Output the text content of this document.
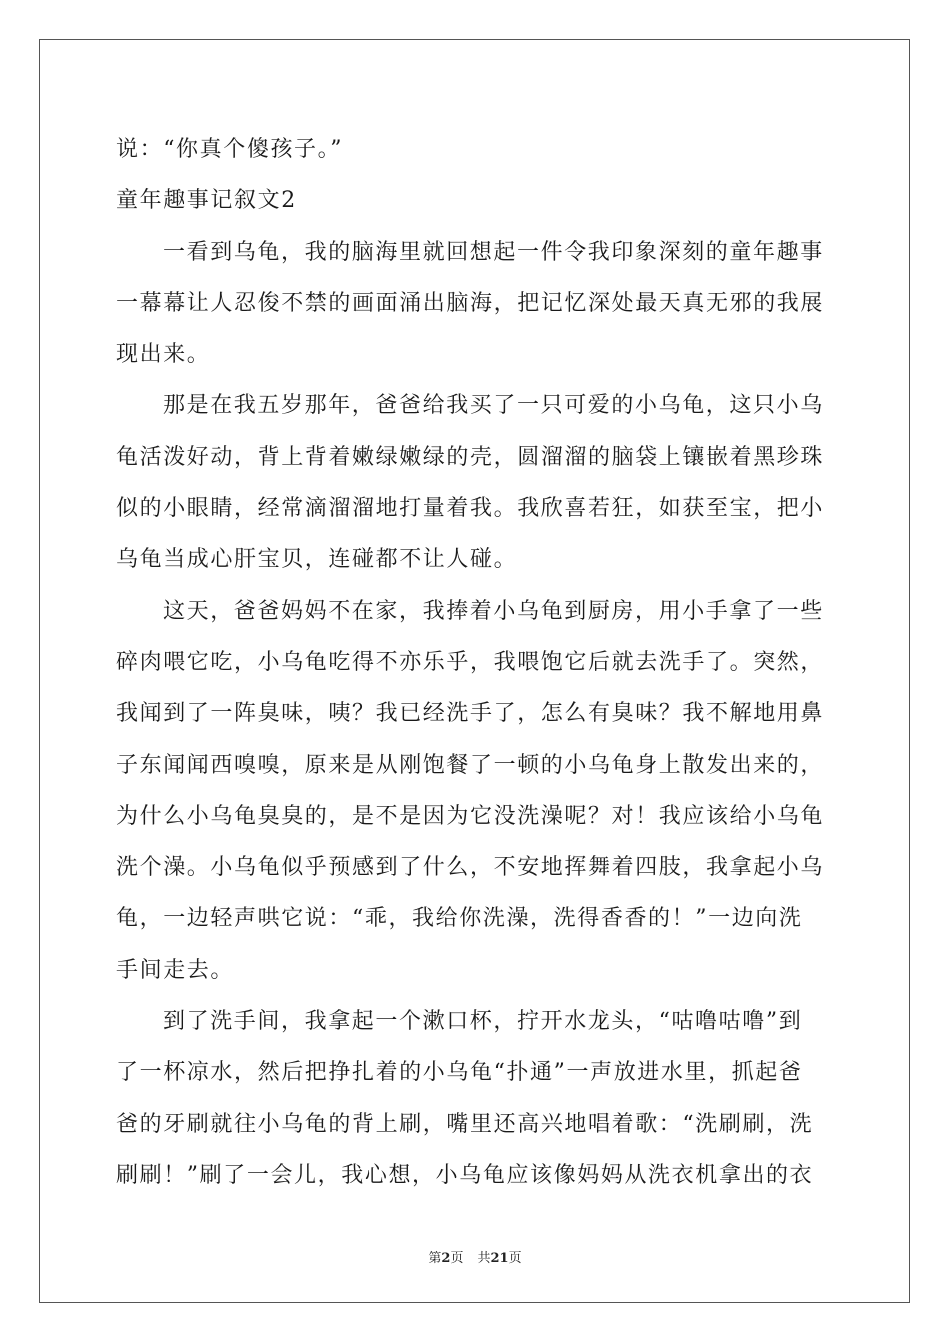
说：“你真个傻孩子。”
童年趣事记叙文2
一看到乌龟，我的脑海里就回想起一件令我印象深刻的童年趣事
一幕幕让人忍俊不禁的画面涌出脑海，把记忆深处最天真无邪的我展
现出来。
那是在我五岁那年，爸爸给我买了一只可爱的小乌龟，这只小乌
龟活泼好动，背上背着嫩绿嫩绿的壳，圆溜溜的脑袋上镶嵌着黑珍珠
似的小眼睛，经常滴溜溜地打量着我。我欣喜若狂，如获至宝，把小
乌龟当成心肝宝贝，连碰都不让人碰。
这天，爸爸妈妈不在家，我捧着小乌龟到厨房，用小手拿了一些
碎肉喂它吃，小乌龟吃得不亦乐乎，我喂饱它后就去洗手了。突然，
我闻到了一阵臭味，咦？我已经洗手了，怎么有臭味？我不解地用鼻
子东闻闻西嗅嗅，原来是从刚饱餐了一顿的小乌龟身上散发出来的，
为什么小乌龟臭臭的，是不是因为它没洗澡呢？对！我应该给小乌龟
洗个澡。小乌龟似乎预感到了什么，不安地挥舞着四肢，我拿起小乌
龟，一边轻声哄它说：“乖，我给你洗澡，洗得香香的！”一边向洗
手间走去。
到了洗手间，我拿起一个漱口杯，拧开水龙头，“咕噜咕噜”到
了一杯凉水，然后把挣扎着的小乌龟“扑通”一声放进水里，抓起爸
爸的牙刷就往小乌龟的背上刷，嘴里还高兴地唱着歌：“洗刷刷，洗
刷刷！”刷了一会儿，我心想，小乌龟应该像妈妈从洗衣机拿出的衣
第2页 共21页
